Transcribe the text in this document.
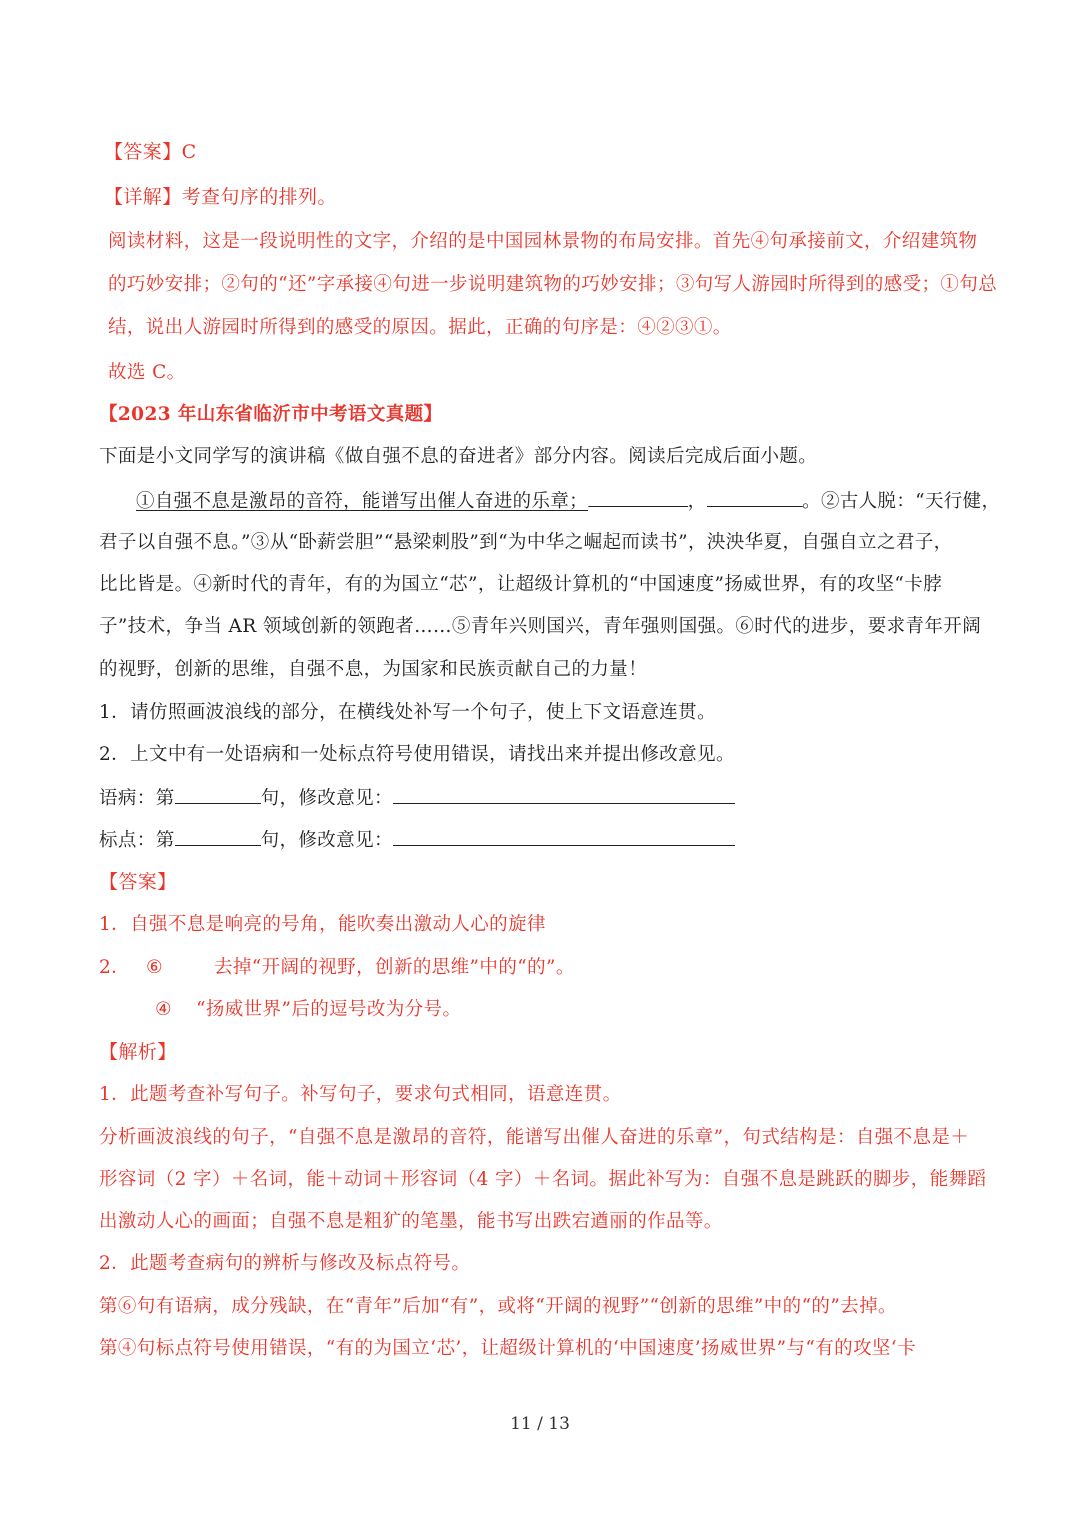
【答案】C
【详解】考查句序的排列。
阅读材料，这是一段说明性的文字，介绍的是中国园林景物的布局安排。首先④句承接前文，介绍建筑物
的巧妙安排；②句的“还”字承接④句进一步说明建筑物的巧妙安排；③句写人游园时所得到的感受；①句总
结，说出人游园时所得到的感受的原因。据此，正确的句序是：④②③①。
故选 C。
【2023 年山东省临沂市中考语文真题】
下面是小文同学写的演讲稿《做自强不息的奋进者》部分内容。阅读后完成后面小题。
①自强不息是激昂的音符，能谱写出催人奋进的乐章；	，	。②古人脱：“天行健，
君子以自强不息。”③从“卧薪尝胆”“悬梁刺股”到“为中华之崛起而读书”，泱泱华夏，自强自立之君子，
比比皆是。④新时代的青年，有的为国立“芯”，让超级计算机的“中国速度”扬威世界，有的攻坚“卡脖
子”技术，争当 AR 领域创新的领跑者……⑤青年兴则国兴，青年强则国强。⑥时代的进步，要求青年开阔
的视野，创新的思维，自强不息，为国家和民族贡献自己的力量！
1．请仿照画波浪线的部分，在横线处补写一个句子，使上下文语意连贯。
2．上文中有一处语病和一处标点符号使用错误，请找出来并提出修改意见。
语病：第	句，修改意见：
标点：第	句，修改意见：
【答案】
1．自强不息是响亮的号角，能吹奏出激动人心的旋律
2． ⑥	去掉“开阔的视野，创新的思维”中的“的”。
④ “扬威世界”后的逗号改为分号。
【解析】
1．此题考查补写句子。补写句子，要求句式相同，语意连贯。
分析画波浪线的句子，“自强不息是激昂的音符，能谱写出催人奋进的乐章”，句式结构是：自强不息是＋
形容词（2 字）＋名词，能＋动词＋形容词（4 字）＋名词。据此补写为：自强不息是跳跃的脚步，能舞蹈
出激动人心的画面；自强不息是粗犷的笔墨，能书写出跌宕遒丽的作品等。
2．此题考查病句的辨析与修改及标点符号。
第⑥句有语病，成分残缺，在“青年”后加“有”，或将“开阔的视野”“创新的思维”中的“的”去掉。
第④句标点符号使用错误，“有的为国立‘芯’，让超级计算机的‘中国速度’扬威世界”与“有的攻坚‘卡
11 / 13
